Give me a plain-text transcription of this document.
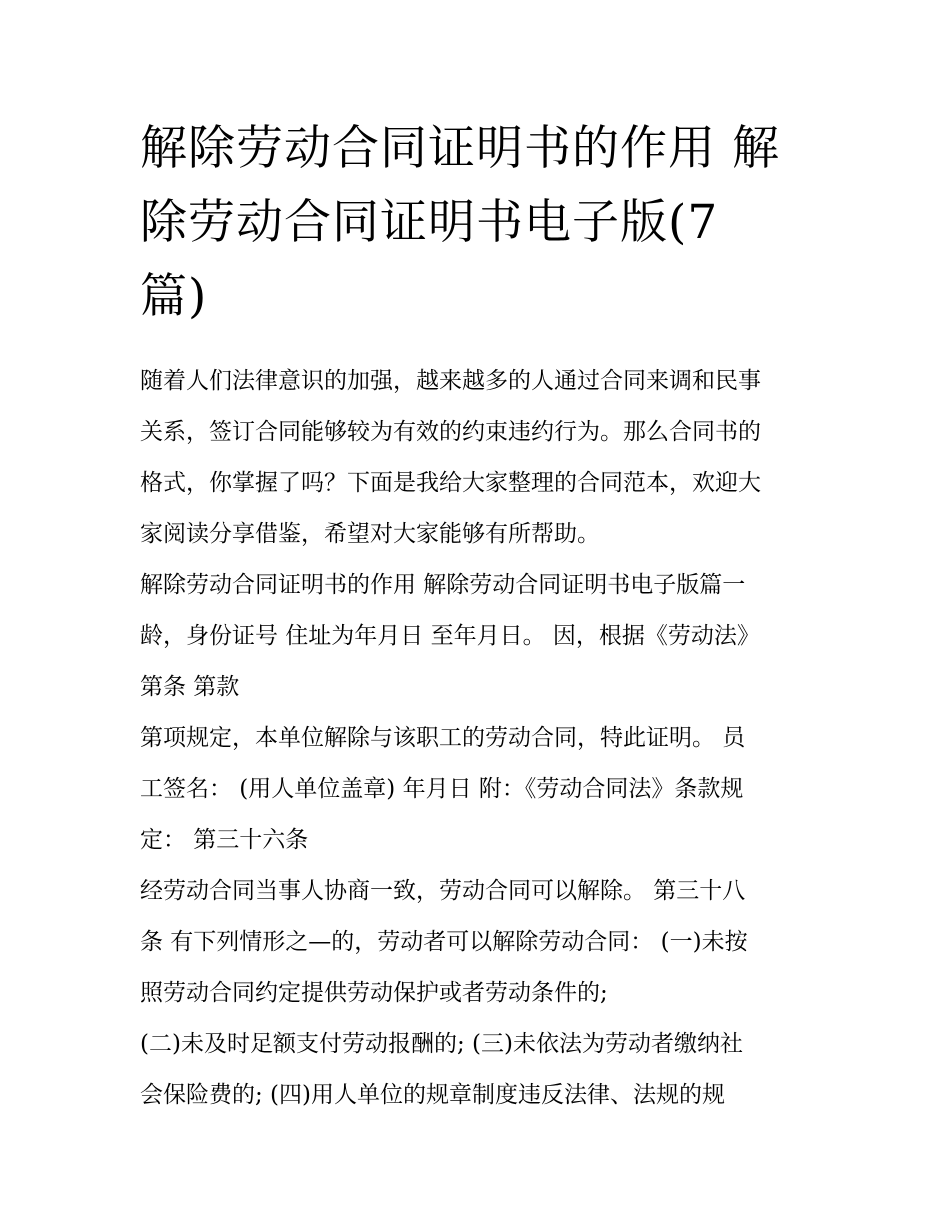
解除劳动合同证明书的作用 解
除劳动合同证明书电子版(7
篇)

随着人们法律意识的加强，越来越多的人通过合同来调和民事
关系，签订合同能够较为有效的约束违约行为。那么合同书的
格式，你掌握了吗？下面是我给大家整理的合同范本，欢迎大
家阅读分享借鉴，希望对大家能够有所帮助。

解除劳动合同证明书的作用 解除劳动合同证明书电子版篇一
龄，身份证号 住址为年月日 至年月日。 因，根据《劳动法》
第条 第款

第项规定，本单位解除与该职工的劳动合同，特此证明。 员
工签名： (用人单位盖章) 年月日 附：《劳动合同法》条款规
定： 第三十六条

经劳动合同当事人协商一致，劳动合同可以解除。 第三十八
条 有下列情形之—的，劳动者可以解除劳动合同： (一)未按
照劳动合同约定提供劳动保护或者劳动条件的;

(二)未及时足额支付劳动报酬的; (三)未依法为劳动者缴纳社
会保险费的; (四)用人单位的规章制度违反法律、法规的规
